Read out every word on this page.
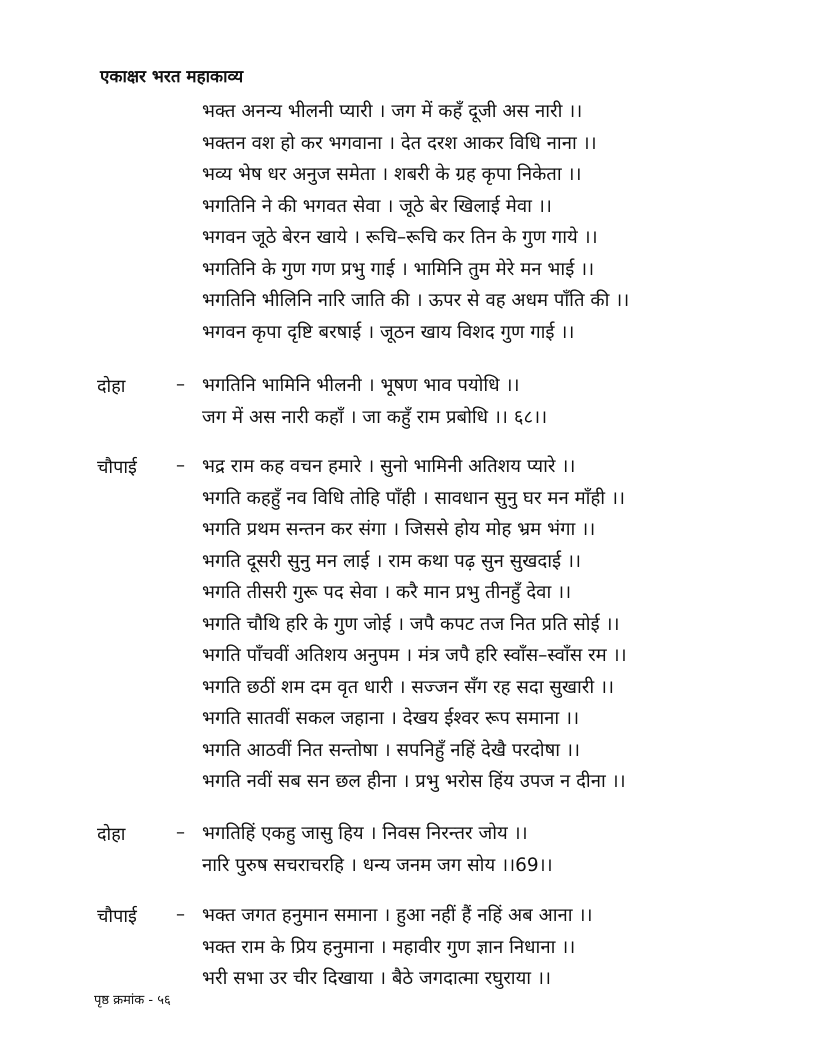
एकाक्षर भरत महाकाव्य
भक्त अनन्य भीलनी प्यारी । जग में कहँ दूजी अस नारी ।।
भक्तन वश हो कर भगवाना । देत दरश आकर विधि नाना ।।
भव्य भेष धर अनुज समेता । शबरी के ग्रह कृपा निकेता ।।
भगतिनि ने की भगवत सेवा । जूठे बेर खिलाई मेवा ।।
भगवन जूठे बेरन खाये । रूचि–रूचि कर तिन के गुण गाये ।।
भगतिनि के गुण गण प्रभु गाई । भामिनि तुम मेरे मन भाई ।।
भगतिनि भीलिनि नारि जाति की । ऊपर से वह अधम पाँति की ।।
भगवन कृपा दृष्टि बरषाई । जूठन खाय विशद गुण गाई ।।
दोहा	– भगतिनि भामिनि भीलनी । भूषण भाव पयोधि ।।
जग में अस नारी कहाँ । जा कहुँ राम प्रबोधि ।। ६८।।
चौपाई – भद्र राम कह वचन हमारे । सुनो भामिनी अतिशय प्यारे ।।
भगति कहहुँ नव विधि तोहि पाँही । सावधान सुनु घर मन माँही ।।
भगति प्रथम सन्तन कर संगा । जिससे होय मोह भ्रम भंगा ।।
भगति दूसरी सुनु मन लाई । राम कथा पढ़ सुन सुखदाई ।।
भगति तीसरी गुरू पद सेवा । करै मान प्रभु तीनहुँ देवा ।।
भगति चौथि हरि के गुण जोई । जपै कपट तज नित प्रति सोई ।।
भगति पाँचवीं अतिशय अनुपम । मंत्र जपै हरि स्वाँस–स्वाँस रम ।।
भगति छठीं शम दम वृत धारी । सज्जन सँग रह सदा सुखारी ।।
भगति सातवीं सकल जहाना । देखय ईश्वर रूप समाना ।।
भगति आठवीं नित सन्तोषा । सपनिहुँ नहिं देखै परदोषा ।।
भगति नवीं सब सन छल हीना । प्रभु भरोस हिंय उपज न दीना ।।
दोहा	– भगतिहिं एकहु जासु हिय । निवस निरन्तर जोय ।।
नारि पुरुष सचराचरहि । धन्य जनम जग सोय ।।69।।
चौपाई – भक्त जगत हनुमान समाना । हुआ नहीं हैं नहिं अब आना ।।
भक्त राम के प्रिय हनुमाना । महावीर गुण ज्ञान निधाना ।।
भरी सभा उर चीर दिखाया । बैठे जगदात्मा रघुराया ।।
पृष्ठ क्रमांक - ५६
